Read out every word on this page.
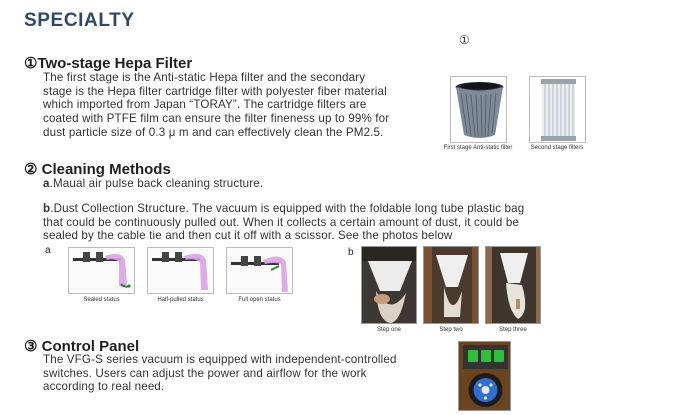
SPECIALTY
①Two-stage Hepa Filter
The first stage is the Anti-static Hepa filter and the secondary
stage is the Hepa filter cartridge filter with polyester fiber material
which imported from Japan “TORAY”. The cartridge filters are
coated with PTFE film can ensure the filter fineness up to 99% for
dust particle size of 0.3 μ m and can effectively clean the PM2.5.
①
First stage Anti-static filter	Second stage filters
② Cleaning Methods
a.Maual air pulse back cleaning structure.
b.Dust Collection Structure. The vacuum is equipped with the foldable long tube plastic bag
that could be continuously pulled out. When it collects a certain amount of dust, it could be
sealed by the cable tie and then cut it off with a scissor. See the photos below
a	b
Sealed status	Half-pulled status	Full open status
Step one	Step two	Step three
③ Control Panel
The VFG-S series vacuum is equipped with independent-controlled
switches. Users can adjust the power and airflow for the work
according to real need.
